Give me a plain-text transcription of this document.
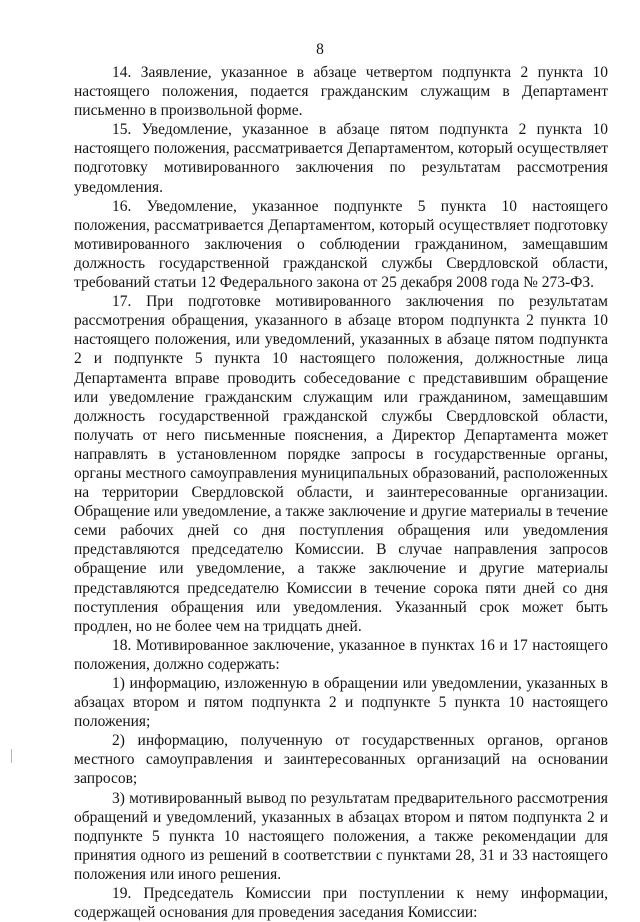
8

14. Заявление, указанное в абзаце четвертом подпункта 2 пункта 10 настоящего положения, подается гражданским служащим в Департамент письменно в произвольной форме.

15. Уведомление, указанное в абзаце пятом подпункта 2 пункта 10 настоящего положения, рассматривается Департаментом, который осуществляет подготовку мотивированного заключения по результатам рассмотрения уведомления.

16. Уведомление, указанное подпункте 5 пункта 10 настоящего положения, рассматривается Департаментом, который осуществляет подготовку мотивированного заключения о соблюдении гражданином, замещавшим должность государственной гражданской службы Свердловской области, требований статьи 12 Федерального закона от 25 декабря 2008 года № 273-ФЗ.

17. При подготовке мотивированного заключения по результатам рассмотрения обращения, указанного в абзаце втором подпункта 2 пункта 10 настоящего положения, или уведомлений, указанных в абзаце пятом подпункта 2 и подпункте 5 пункта 10 настоящего положения, должностные лица Департамента вправе проводить собеседование с представившим обращение или уведомление гражданским служащим или гражданином, замещавшим должность государственной гражданской службы Свердловской области, получать от него письменные пояснения, а Директор Департамента может направлять в установленном порядке запросы в государственные органы, органы местного самоуправления муниципальных образований, расположенных на территории Свердловской области, и заинтересованные организации. Обращение или уведомление, а также заключение и другие материалы в течение семи рабочих дней со дня поступления обращения или уведомления представляются председателю Комиссии. В случае направления запросов обращение или уведомление, а также заключение и другие материалы представляются председателю Комиссии в течение сорока пяти дней со дня поступления обращения или уведомления. Указанный срок может быть продлен, но не более чем на тридцать дней.

18. Мотивированное заключение, указанное в пунктах 16 и 17 настоящего положения, должно содержать:

1) информацию, изложенную в обращении или уведомлении, указанных в абзацах втором и пятом подпункта 2 и подпункте 5 пункта 10 настоящего положения;

2) информацию, полученную от государственных органов, органов местного самоуправления и заинтересованных организаций на основании запросов;

3) мотивированный вывод по результатам предварительного рассмотрения обращений и уведомлений, указанных в абзацах втором и пятом подпункта 2 и подпункте 5 пункта 10 настоящего положения, а также рекомендации для принятия одного из решений в соответствии с пунктами 28, 31 и 33 настоящего положения или иного решения.

19. Председатель Комиссии при поступлении к нему информации, содержащей основания для проведения заседания Комиссии:
